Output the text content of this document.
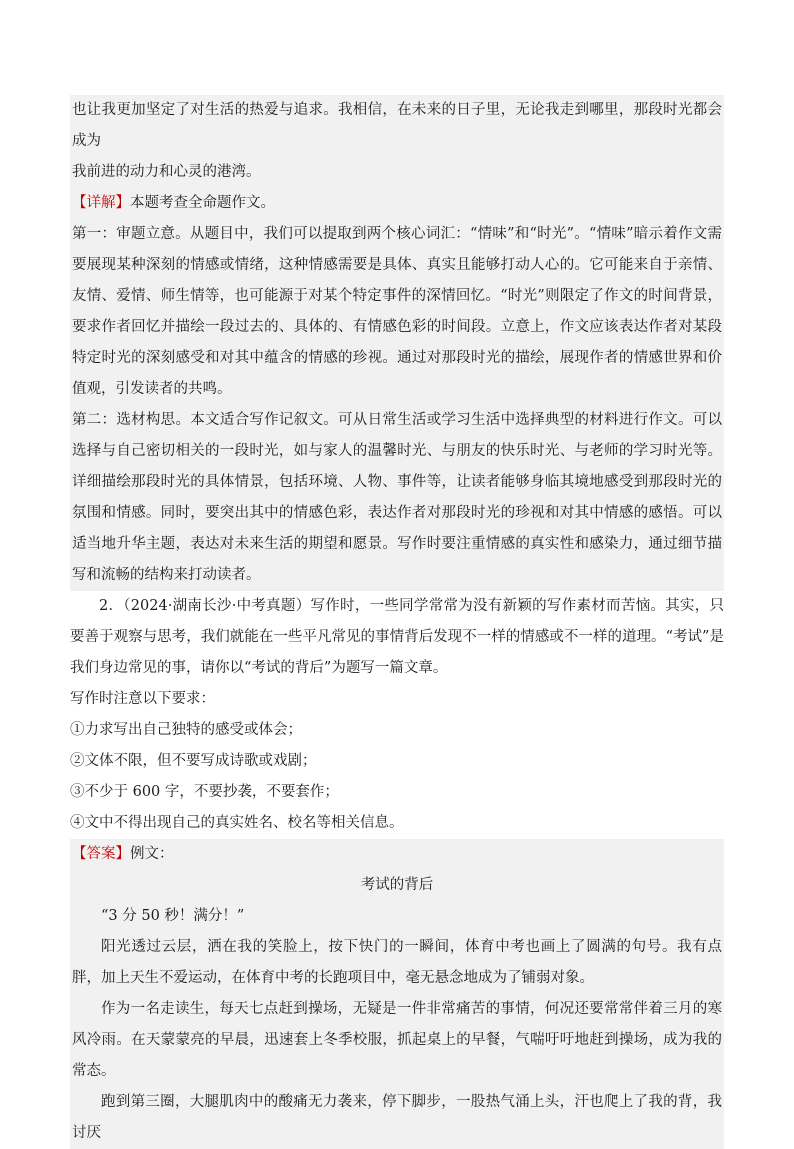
也让我更加坚定了对生活的热爱与追求。我相信，在未来的日子里，无论我走到哪里，那段时光都会成为

我前进的动力和心灵的港湾。

【详解】本题考查全命题作文。

第一：审题立意。从题目中，我们可以提取到两个核心词汇：“情味”和“时光”。“情味”暗示着作文需要展现某种深刻的情感或情绪，这种情感需要是具体、真实且能够打动人心的。它可能来自于亲情、友情、爱情、师生情等，也可能源于对某个特定事件的深情回忆。“时光”则限定了作文的时间背景，要求作者回忆并描绘一段过去的、具体的、有情感色彩的时间段。立意上，作文应该表达作者对某段特定时光的深刻感受和对其中蕴含的情感的珍视。通过对那段时光的描绘，展现作者的情感世界和价值观，引发读者的共鸣。

第二：选材构思。本文适合写作记叙文。可从日常生活或学习生活中选择典型的材料进行作文。可以选择与自己密切相关的一段时光，如与家人的温馨时光、与朋友的快乐时光、与老师的学习时光等。详细描绘那段时光的具体情景，包括环境、人物、事件等，让读者能够身临其境地感受到那段时光的氛围和情感。同时，要突出其中的情感色彩，表达作者对那段时光的珍视和对其中情感的感悟。可以适当地升华主题，表达对未来生活的期望和愿景。写作时要注重情感的真实性和感染力，通过细节描写和流畅的结构来打动读者。

2．（2024·湖南长沙·中考真题）写作时，一些同学常常为没有新颖的写作素材而苦恼。其实，只要善于观察与思考，我们就能在一些平凡常见的事情背后发现不一样的情感或不一样的道理。“考试”是我们身边常见的事，请你以“考试的背后”为题写一篇文章。

写作时注意以下要求：

①力求写出自己独特的感受或体会；

②文体不限，但不要写成诗歌或戏剧；

③不少于 600 字，不要抄袭，不要套作；

④文中不得出现自己的真实姓名、校名等相关信息。

【答案】例文：

考试的背后

“3 分 50 秒！满分！”

阳光透过云层，洒在我的笑脸上，按下快门的一瞬间，体育中考也画上了圆满的句号。我有点胖，加上天生不爱运动，在体育中考的长跑项目中，毫无悬念地成为了铺弱对象。

作为一名走读生，每天七点赶到操场，无疑是一件非常痛苦的事情，何况还要常常伴着三月的寒风冷雨。在天蒙蒙亮的早晨，迅速套上冬季校服，抓起桌上的早餐，气喘吁吁地赶到操场，成为我的常态。

跑到第三圈，大腿肌肉中的酸痛无力袭来，停下脚步，一股热气涌上头，汗也爬上了我的背，我讨厌
